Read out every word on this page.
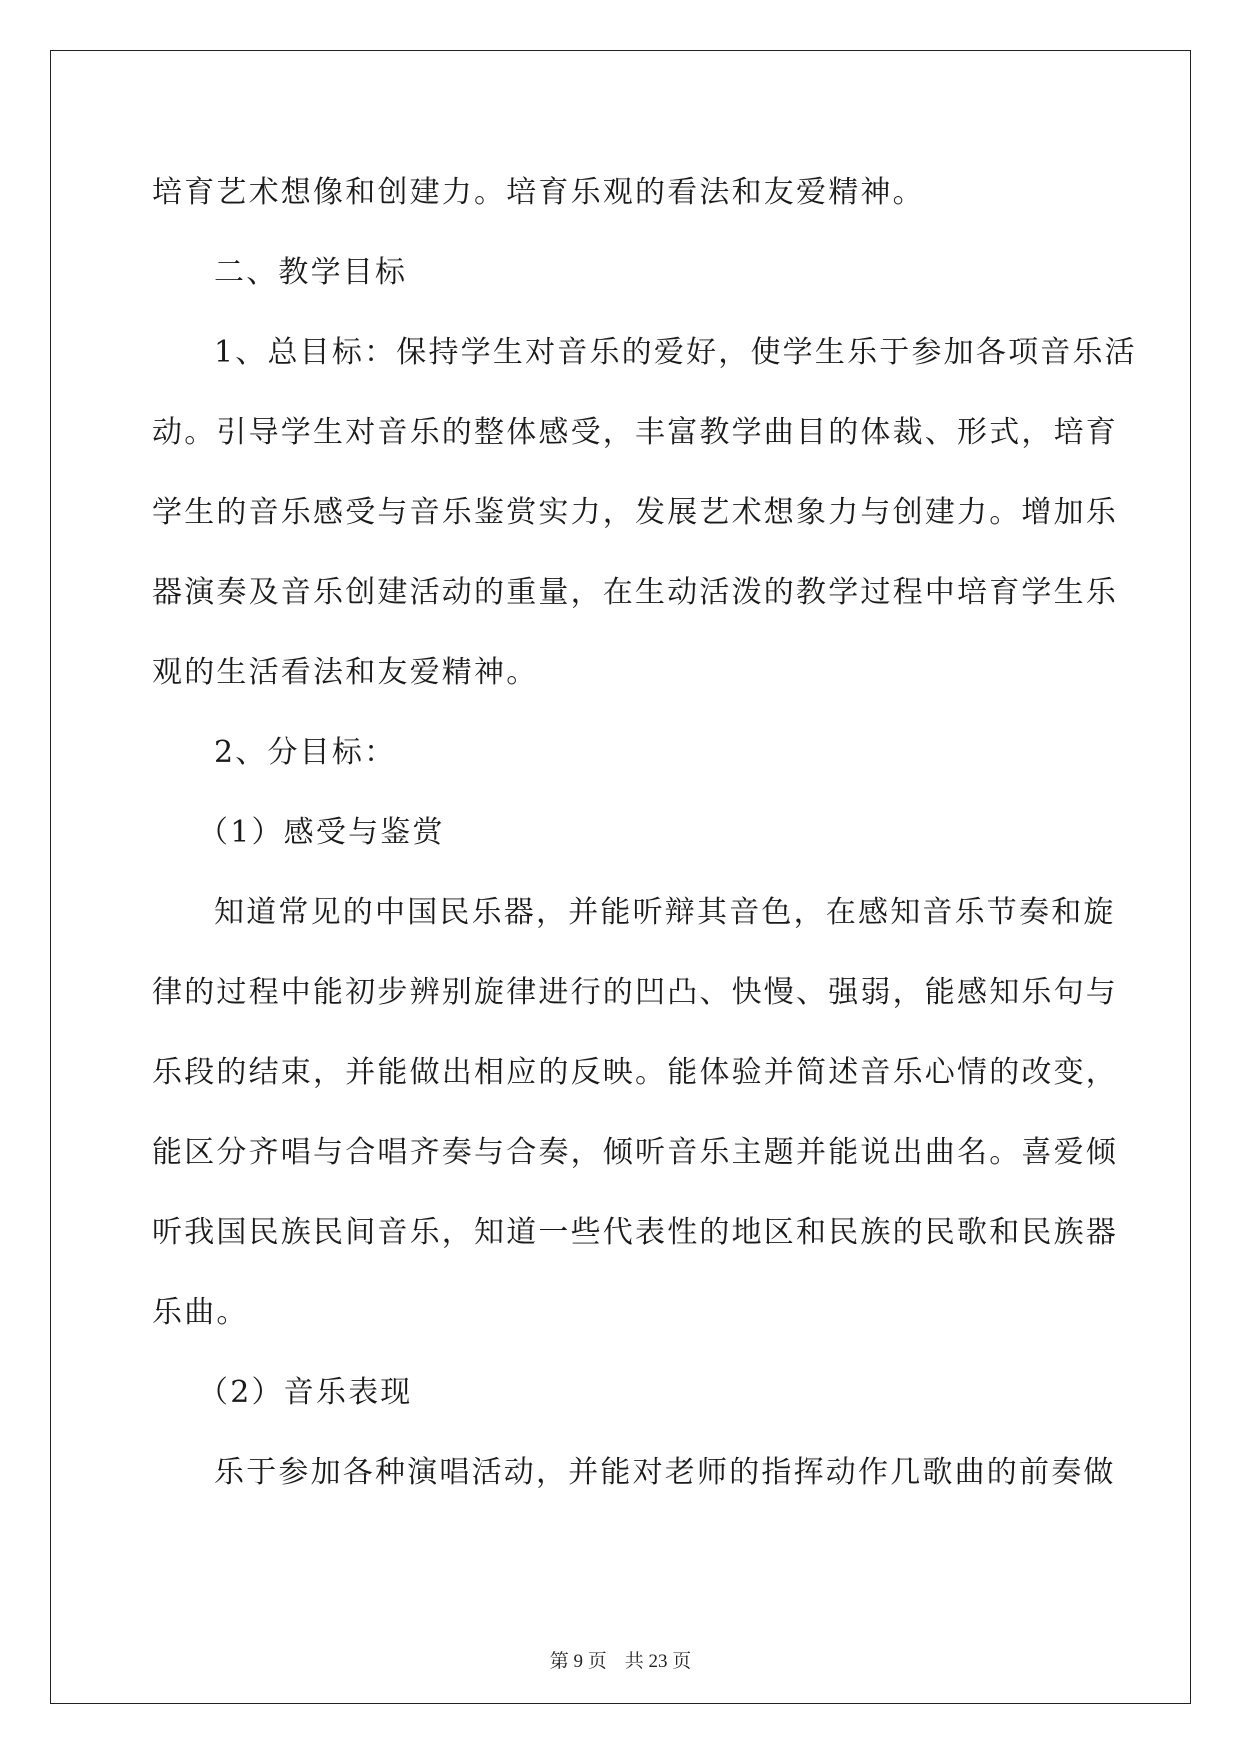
培育艺术想像和创建力。培育乐观的看法和友爱精神。

二、教学目标

1、总目标：保持学生对音乐的爱好，使学生乐于参加各项音乐活

动。引导学生对音乐的整体感受，丰富教学曲目的体裁、形式，培育

学生的音乐感受与音乐鉴赏实力，发展艺术想象力与创建力。增加乐

器演奏及音乐创建活动的重量，在生动活泼的教学过程中培育学生乐

观的生活看法和友爱精神。

2、分目标：

（1）感受与鉴赏

知道常见的中国民乐器，并能听辩其音色，在感知音乐节奏和旋

律的过程中能初步辨别旋律进行的凹凸、快慢、强弱，能感知乐句与

乐段的结束，并能做出相应的反映。能体验并简述音乐心情的改变，

能区分齐唱与合唱齐奏与合奏，倾听音乐主题并能说出曲名。喜爱倾

听我国民族民间音乐，知道一些代表性的地区和民族的民歌和民族器

乐曲。

（2）音乐表现

乐于参加各种演唱活动，并能对老师的指挥动作几歌曲的前奏做

第 9 页 共 23 页
